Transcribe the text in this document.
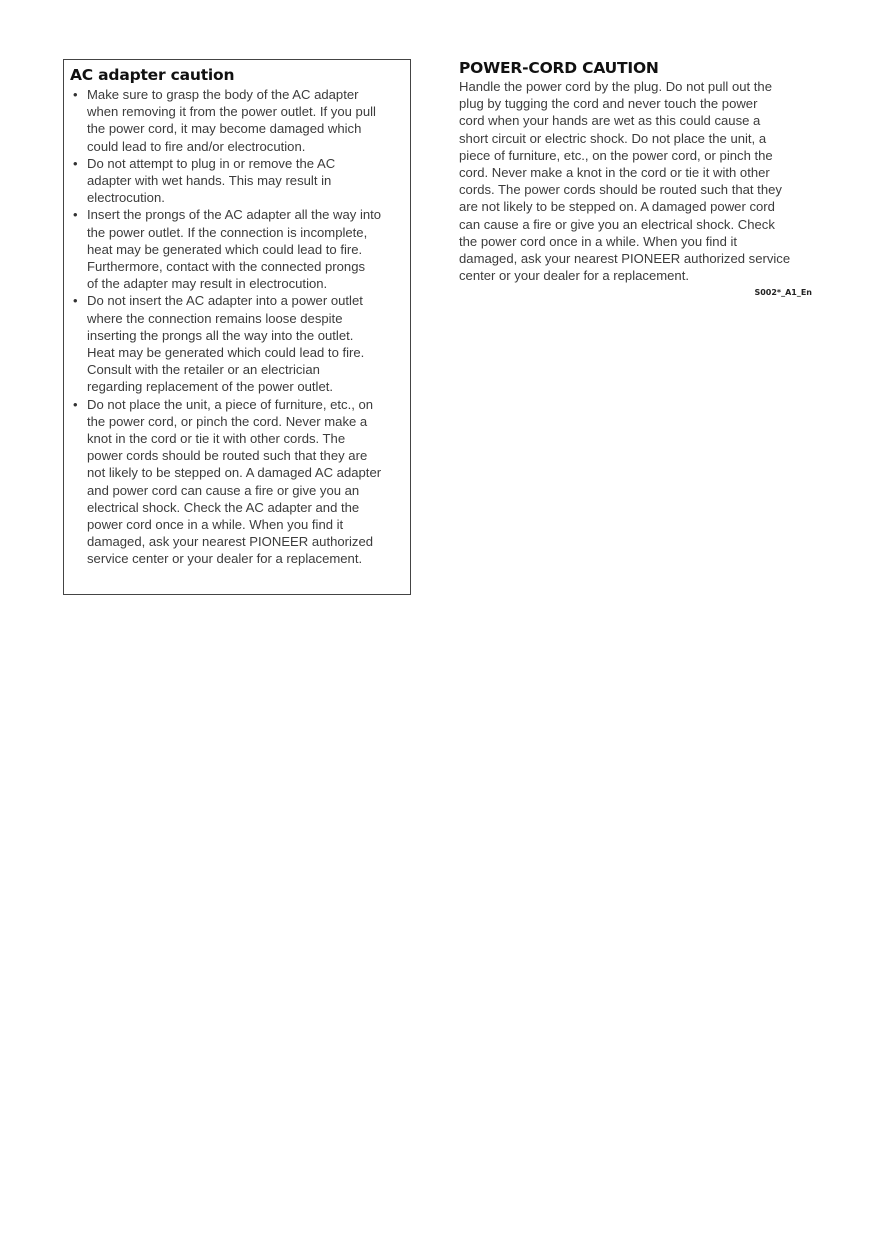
AC adapter caution
• Make sure to grasp the body of the AC adapter
when removing it from the power outlet. If you pull
the power cord, it may become damaged which
could lead to fire and/or electrocution.
• Do not attempt to plug in or remove the AC
adapter with wet hands. This may result in
electrocution.
• Insert the prongs of the AC adapter all the way into
the power outlet. If the connection is incomplete,
heat may be generated which could lead to fire.
Furthermore, contact with the connected prongs
of the adapter may result in electrocution.
• Do not insert the AC adapter into a power outlet
where the connection remains loose despite
inserting the prongs all the way into the outlet.
Heat may be generated which could lead to fire.
Consult with the retailer or an electrician
regarding replacement of the power outlet.
• Do not place the unit, a piece of furniture, etc., on
the power cord, or pinch the cord. Never make a
knot in the cord or tie it with other cords. The
power cords should be routed such that they are
not likely to be stepped on. A damaged AC adapter
and power cord can cause a fire or give you an
electrical shock. Check the AC adapter and the
power cord once in a while. When you find it
damaged, ask your nearest PIONEER authorized
service center or your dealer for a replacement.
POWER-CORD CAUTION
Handle the power cord by the plug. Do not pull out the
plug by tugging the cord and never touch the power
cord when your hands are wet as this could cause a
short circuit or electric shock. Do not place the unit, a
piece of furniture, etc., on the power cord, or pinch the
cord. Never make a knot in the cord or tie it with other
cords. The power cords should be routed such that they
are not likely to be stepped on. A damaged power cord
can cause a fire or give you an electrical shock. Check
the power cord once in a while. When you find it
damaged, ask your nearest PIONEER authorized service
center or your dealer for a replacement.
S002*_A1_En
